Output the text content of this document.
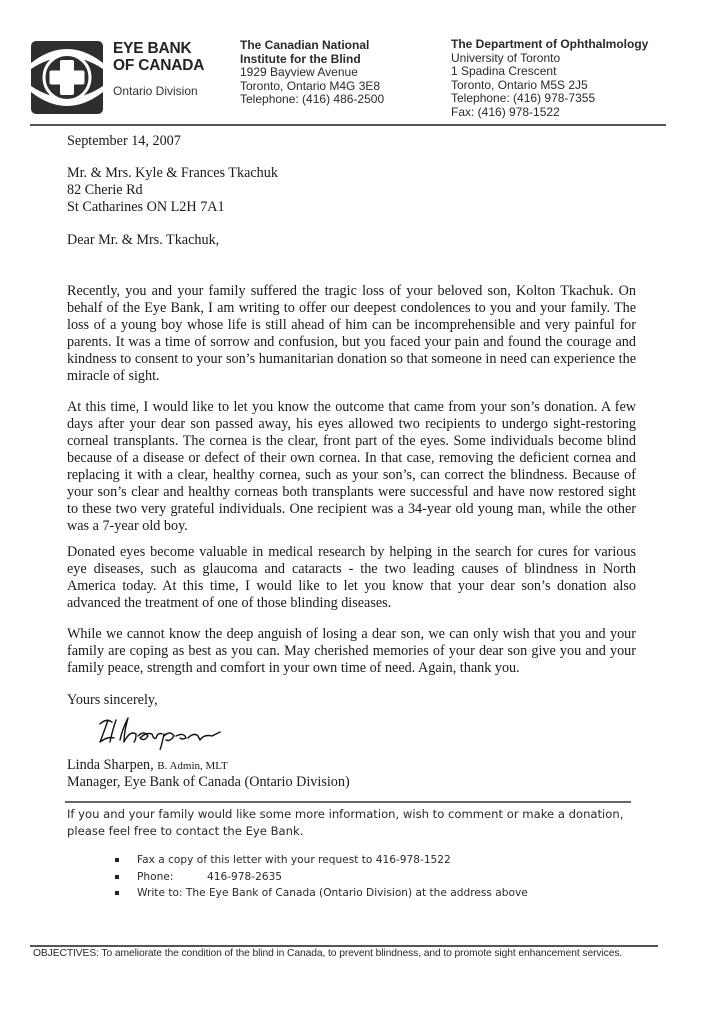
EYE BANK
OF CANADA
Ontario Division
The Canadian National
Institute for the Blind
1929 Bayview Avenue
Toronto, Ontario M4G 3E8
Telephone: (416) 486-2500
The Department of Ophthalmology
University of Toronto
1 Spadina Crescent
Toronto, Ontario M5S 2J5
Telephone: (416) 978-7355
Fax: (416) 978-1522
September 14, 2007
Mr. & Mrs. Kyle & Frances Tkachuk
82 Cherie Rd
St Catharines ON L2H 7A1
Dear Mr. & Mrs. Tkachuk,

Recently, you and your family suffered the tragic loss of your beloved son, Kolton Tkachuk. On behalf of the Eye Bank, I am writing to offer our deepest condolences to you and your family. The loss of a young boy whose life is still ahead of him can be incomprehensible and very painful for parents. It was a time of sorrow and confusion, but you faced your pain and found the courage and kindness to consent to your son’s humanitarian donation so that someone in need can experience the miracle of sight.

At this time, I would like to let you know the outcome that came from your son’s donation. A few days after your dear son passed away, his eyes allowed two recipients to undergo sight-restoring corneal transplants. The cornea is the clear, front part of the eyes. Some individuals become blind because of a disease or defect of their own cornea. In that case, removing the deficient cornea and replacing it with a clear, healthy cornea, such as your son’s, can correct the blindness. Because of your son’s clear and healthy corneas both transplants were successful and have now restored sight to these two very grateful individuals. One recipient was a 34-year old young man, while the other was a 7-year old boy.

Donated eyes become valuable in medical research by helping in the search for cures for various eye diseases, such as glaucoma and cataracts - the two leading causes of blindness in North America today. At this time, I would like to let you know that your dear son’s donation also advanced the treatment of one of those blinding diseases.

While we cannot know the deep anguish of losing a dear son, we can only wish that you and your family are coping as best as you can. May cherished memories of your dear son give you and your family peace, strength and comfort in your own time of need. Again, thank you.

Yours sincerely,
Linda Sharpen, B. Admin, MLT
Manager, Eye Bank of Canada (Ontario Division)
If you and your family would like some more information, wish to comment or make a donation, please feel free to contact the Eye Bank.
Fax a copy of this letter with your request to 416-978-1522
Phone:	416-978-2635
Write to: The Eye Bank of Canada (Ontario Division) at the address above
OBJECTIVES: To ameliorate the condition of the blind in Canada, to prevent blindness, and to promote sight enhancement services.
